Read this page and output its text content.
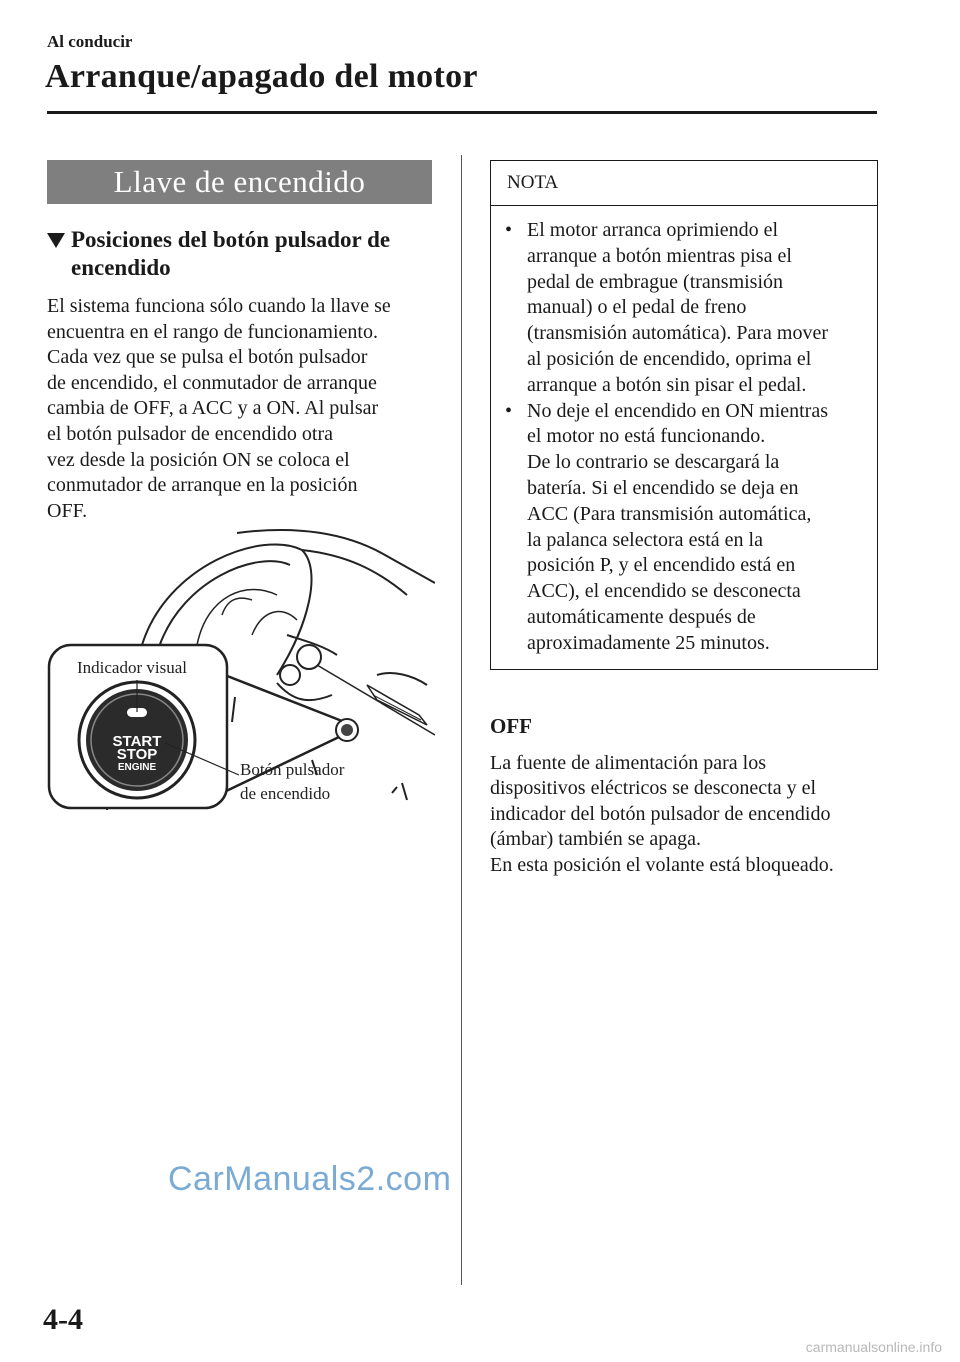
Al conducir
Arranque/apagado del motor
Llave de encendido
Posiciones del botón pulsador de encendido
El sistema funciona sólo cuando la llave se
encuentra en el rango de funcionamiento.
Cada vez que se pulsa el botón pulsador
de encendido, el conmutador de arranque
cambia de OFF, a ACC y a ON. Al pulsar
el botón pulsador de encendido otra
vez desde la posición ON se coloca el
conmutador de arranque en la posición
OFF.
START
STOP
ENGINE
Indicador visual
Botón pulsador
de encendido
NOTA
• El motor arranca oprimiendo el
arranque a botón mientras pisa el
pedal de embrague (transmisión
manual) o el pedal de freno
(transmisión automática). Para mover
al posición de encendido, oprima el
arranque a botón sin pisar el pedal.
• No deje el encendido en ON mientras
el motor no está funcionando.
De lo contrario se descargará la
batería. Si el encendido se deja en
ACC (Para transmisión automática,
la palanca selectora está en la
posición P, y el encendido está en
ACC), el encendido se desconecta
automáticamente después de
aproximadamente 25 minutos.
OFF
La fuente de alimentación para los
dispositivos eléctricos se desconecta y el
indicador del botón pulsador de encendido
(ámbar) también se apaga.
En esta posición el volante está bloqueado.
CarManuals2.com
4-4
carmanualsonline.info
